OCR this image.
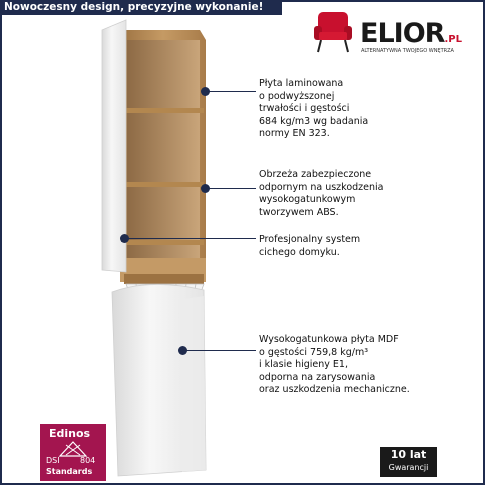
Nowoczesny design, precyzyjne wykonanie!
ELIOR.PL
ALTERNATYWNA TWOJEGO WNĘTRZA
Płyta laminowana
o podwyższonej
trwałości i gęstości
684 kg/m3 wg badania
normy EN 323.
Obrzeża zabezpieczone
odpornym na uszkodzenia
wysokogatunkowym
tworzywem ABS.
Profesjonalny system
cichego domyku.
Wysokogatunkowa płyta MDF
o gęstości 759,8 kg/m³
i klasie higieny E1,
odporna na zarysowania
oraz uszkodzenia mechaniczne.
Edinos
DSI	804
Standards
10 lat
Gwarancji
